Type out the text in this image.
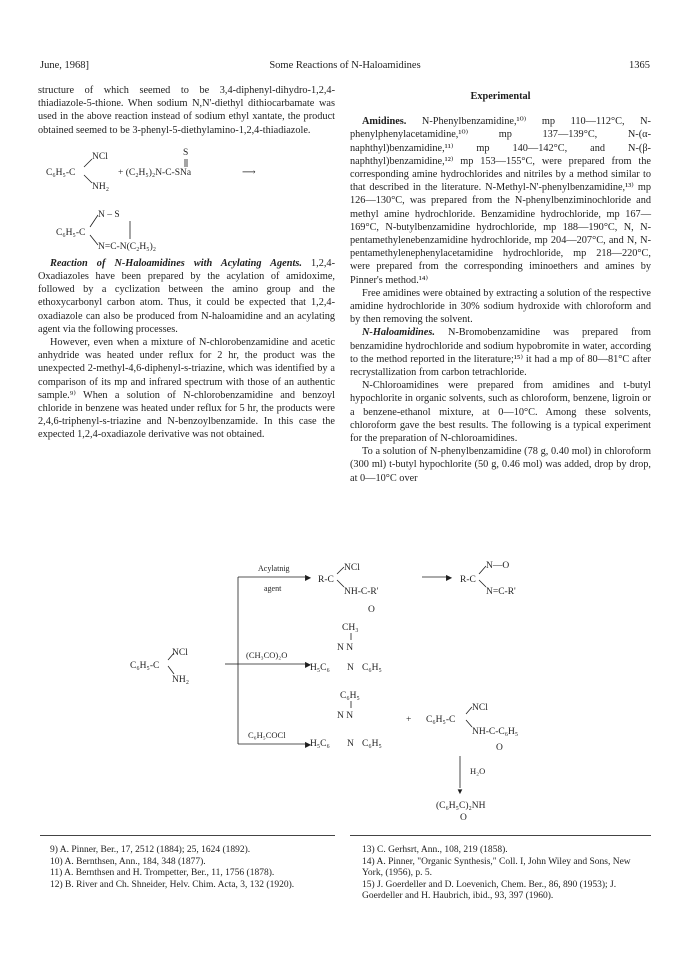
June, 1968]	Some Reactions of N-Haloamidines	1365

structure of which seemed to be 3,4-diphenyl-dihydro-1,2,4-thiadiazole-5-thione. When sodium N,N'-diethyl dithiocarbamate was used in the above reaction instead of sodium ethyl xantate, the product obtained seemed to be 3-phenyl-5-diethylamino-1,2,4-thiadiazole.

NCl	S
C₆H₅-C	+ (C₂H₅)₂N-C-SNa	⟶
NH₂
N – S
C₆H₅-C
N=C-N(C₂H₅)₂

Reaction of N-Haloamidines with Acylating Agents. 1,2,4-Oxadiazoles have been prepared by the acylation of amidoxime, followed by a cyclization between the amino group and the ethoxycarbonyl carbon atom. Thus, it could be expected that 1,2,4-oxadiazole can also be produced from N-haloamidine and an acylating agent via the following processes.

However, even when a mixture of N-chlorobenzamidine and acetic anhydride was heated under reflux for 2 hr, the product was the unexpected 2-methyl-4,6-diphenyl-s-triazine, which was identified by a comparison of its mp and infrared spectrum with those of an authentic sample.⁹⁾ When a solution of N-chlorobenzamidine and benzoyl chloride in benzene was heated under reflux for 5 hr, the products were 2,4,6-triphenyl-s-triazine and N-benzoylbenzamide. In this case the expected 1,2,4-oxadiazole derivative was not obtained.

Experimental

Amidines. N-Phenylbenzamidine,¹⁰⁾ mp 110—112°C, N-phenylphenylacetamidine,¹⁰⁾ mp 137—139°C, N-(α-naphthyl)benzamidine,¹¹⁾ mp 140—142°C, and N-(β-naphthyl)benzamidine,¹²⁾ mp 153—155°C, were prepared from the corresponding amine hydrochlorides and nitriles by a method similar to that described in the literature. N-Methyl-N'-phenylbenzamidine,¹³⁾ mp 126—130°C, was prepared from the N-phenylbenziminochloride and methyl amine hydrochloride. Benzamidine hydrochloride, mp 167—169°C, N-butylbenzamidine hydrochloride, mp 188—190°C, N, N-pentamethylenebenzamidine hydrochloride, mp 204—207°C, and N, N-pentamethylenephenylacetamidine hydrochloride, mp 218—220°C, were prepared from the corresponding iminoethers and amines by Pinner's method.¹⁴⁾

Free amidines were obtained by extracting a solution of the respective amidine hydrochloride in 30% sodium hydroxide with chloroform and by then removing the solvent.

N-Haloamidines. N-Bromobenzamidine was prepared from benzamidine hydrochloride and sodium hypobromite in water, according to the method reported in the literature;¹⁵⁾ it had a mp of 80—81°C after recrystallization from carbon tetrachloride.

N-Chloroamidines were prepared from amidines and t-butyl hypochlorite in organic solvents, such as chloroform, benzene, ligroin or a benzene-ethanol mixture, at 0—10°C. Among these solvents, chloroform gave the best results. The following is a typical experiment for the preparation of N-chloroamidines.

To a solution of N-phenylbenzamidine (78 g, 0.40 mol) in chloroform (300 ml) t-butyl hypochlorite (50 g, 0.46 mol) was added, drop by drop, at 0—10°C over

NCl
C₆H₅-C
NH₂
▶
Acylatnig
agent
NCl
R-C
NH-C-R'
O
▶
N—O
R-C
N=C-R'
▶
(CH₃CO)₂O
CH₃
N N
H₅C₆ N C₆H₅
▶
C₆H₅COCl
C₆H₅
N N
H₅C₆ N C₆H₅
+
NCl
C₆H₅-C
NH-C-C₆H₅
O
▼
H₂O
(C₆H₅C)₂NH
O
9) A. Pinner, Ber., 17, 2512 (1884); 25, 1624 (1892).
10) A. Bernthsen, Ann., 184, 348 (1877).
11) A. Bernthsen and H. Trompetter, Ber., 11, 1756 (1878).
12) B. River and Ch. Shneider, Helv. Chim. Acta, 3, 132 (1920).
13) C. Gerhsrt, Ann., 108, 219 (1858).
14) A. Pinner, "Organic Synthesis," Coll. I, John Wiley and Sons, New York, (1956), p. 5.
15) J. Goerdeller and D. Loevenich, Chem. Ber., 86, 890 (1953); J. Goerdeller and H. Haubrich, ibid., 93, 397 (1960).
